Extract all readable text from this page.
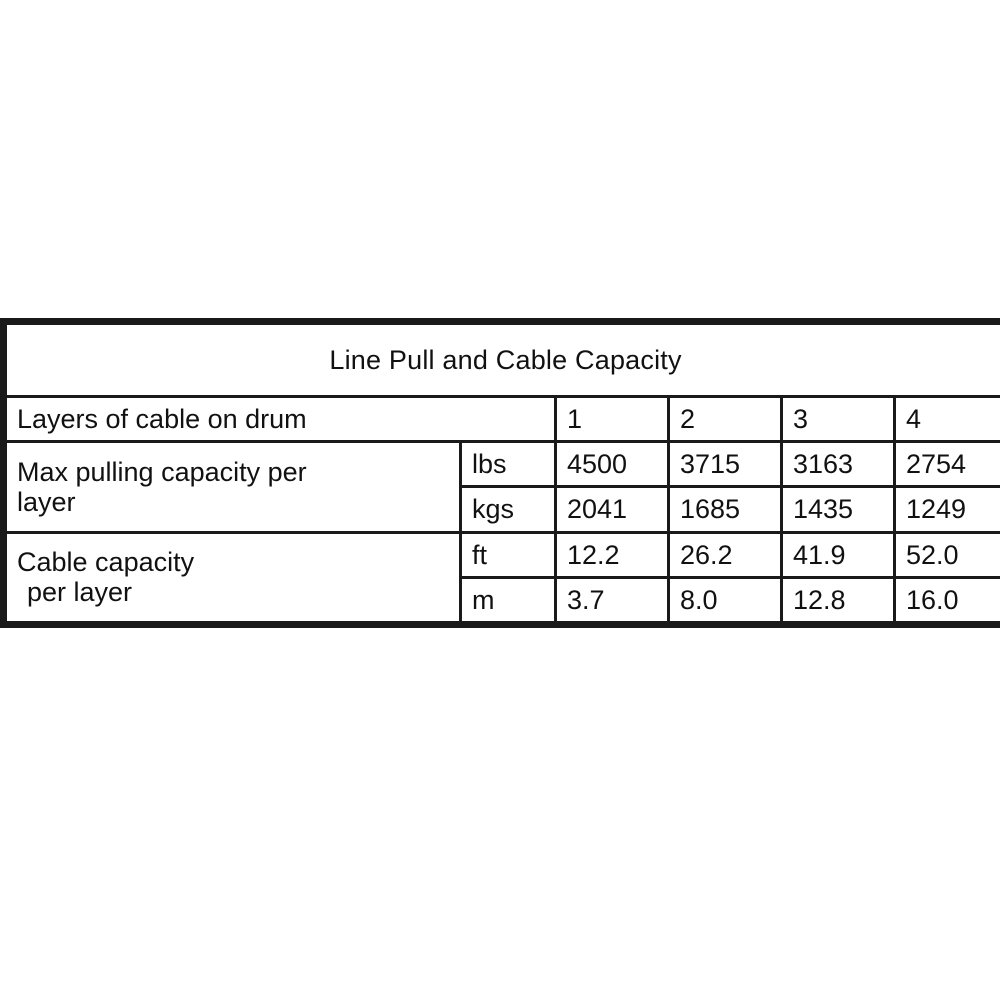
Line Pull and Cable Capacity					
Layers of cable on drum		1	2	3	4

Max pulling capacity per
layer	lbs	4500	3715	3163	2754
	kgs	2041	1685	1435	1249

Cable capacity
per layer	ft	12.2	26.2	41.9	52.0
	m	3.7	8.0	12.8	16.0
